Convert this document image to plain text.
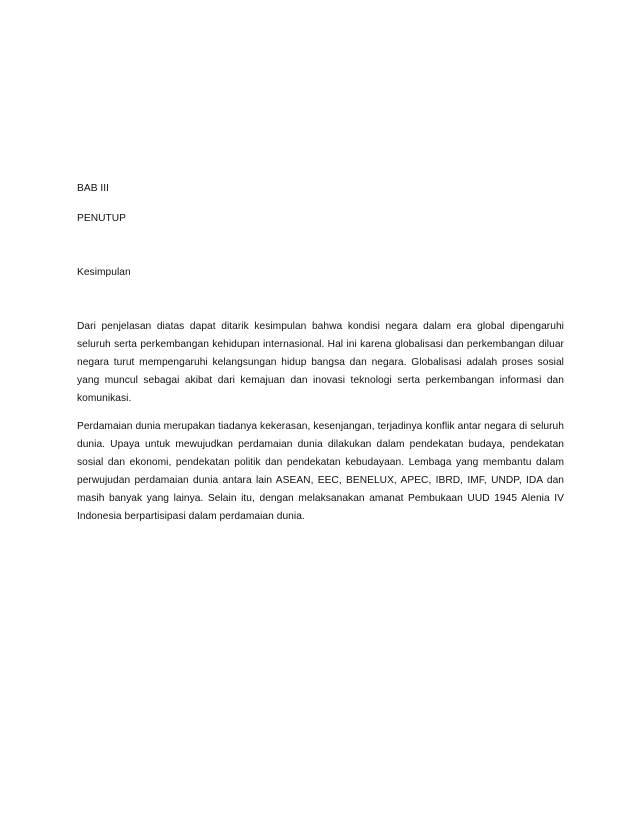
BAB III

PENUTUP

Kesimpulan

Dari penjelasan diatas dapat ditarik kesimpulan bahwa kondisi negara dalam era global dipengaruhi seluruh serta perkembangan kehidupan internasional. Hal ini karena globalisasi dan perkembangan diluar negara turut mempengaruhi kelangsungan hidup bangsa dan negara. Globalisasi adalah proses sosial yang muncul sebagai akibat dari kemajuan dan inovasi teknologi serta perkembangan informasi dan komunikasi.

Perdamaian dunia merupakan tiadanya kekerasan, kesenjangan, terjadinya konflik antar negara di seluruh dunia. Upaya untuk mewujudkan perdamaian dunia dilakukan dalam pendekatan budaya, pendekatan sosial dan ekonomi, pendekatan politik dan pendekatan kebudayaan. Lembaga yang membantu dalam perwujudan perdamaian dunia antara lain ASEAN, EEC, BENELUX, APEC, IBRD, IMF, UNDP, IDA dan masih banyak yang lainya. Selain itu, dengan melaksanakan amanat Pembukaan UUD 1945 Alenia IV Indonesia berpartisipasi dalam perdamaian dunia.
